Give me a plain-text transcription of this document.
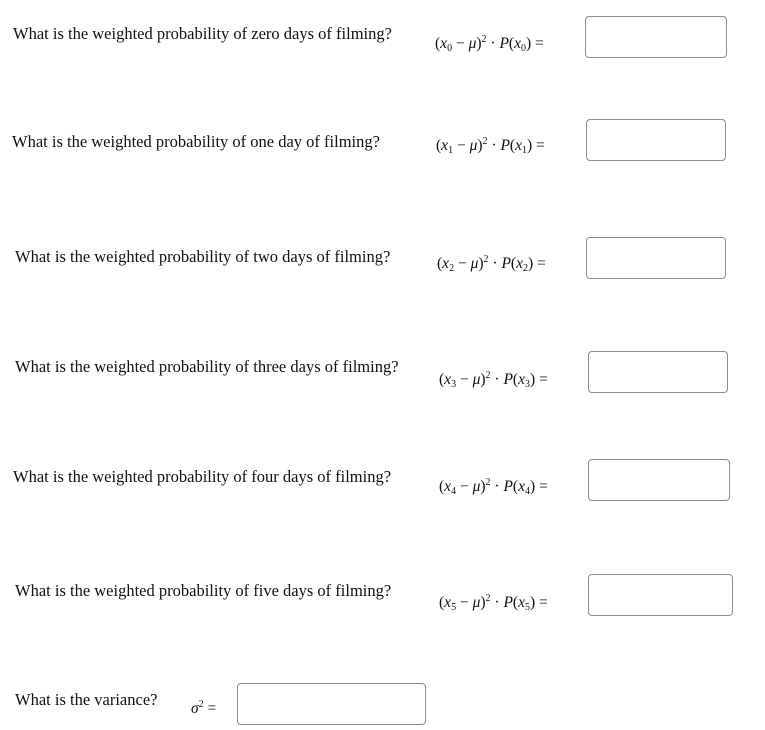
What is the weighted probability of zero days of filming?
$(x_0 - \mu)^2 \cdot P(x_0)$ =
What is the weighted probability of one day of filming?	$(x_1 - \mu)^2 \cdot P(x_1)$ =
What is the weighted probability of two days of filming?	$(x_2 - \mu)^2 \cdot P(x_2)$ =
What is the weighted probability of three days of filming?
$(x_3 - \mu)^2 \cdot P(x_3)$ =
What is the weighted probability of four days of filming?
$(x_4 - \mu)^2 \cdot P(x_4)$ =
What is the weighted probability of five days of filming?
$(x_5 - \mu)^2 \cdot P(x_5)$ =
What is the variance? $\sigma^2$ =
